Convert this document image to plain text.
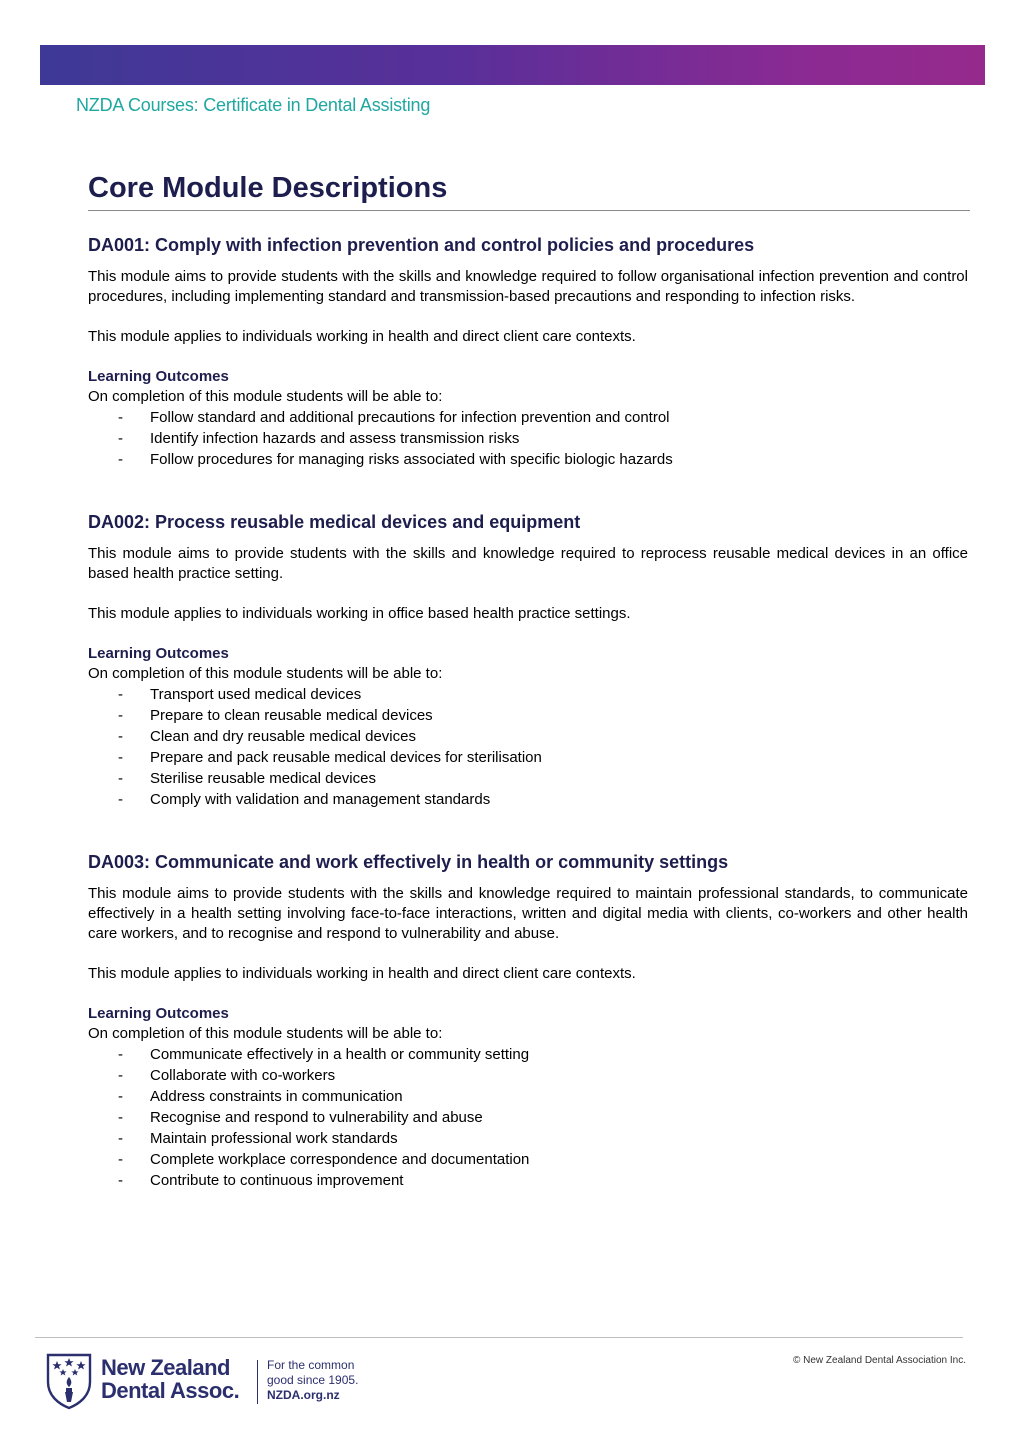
NZDA Courses: Certificate in Dental Assisting
Core Module Descriptions
DA001: Comply with infection prevention and control policies and procedures

This module aims to provide students with the skills and knowledge required to follow organisational infection prevention and control procedures, including implementing standard and transmission-based precautions and responding to infection risks.

This module applies to individuals working in health and direct client care contexts.

Learning Outcomes

On completion of this module students will be able to:

- Follow standard and additional precautions for infection prevention and control
- Identify infection hazards and assess transmission risks
- Follow procedures for managing risks associated with specific biologic hazards
DA002: Process reusable medical devices and equipment

This module aims to provide students with the skills and knowledge required to reprocess reusable medical devices in an office based health practice setting.

This module applies to individuals working in office based health practice settings.

Learning Outcomes

On completion of this module students will be able to:

- Transport used medical devices
- Prepare to clean reusable medical devices
- Clean and dry reusable medical devices
- Prepare and pack reusable medical devices for sterilisation
- Sterilise reusable medical devices
- Comply with validation and management standards
DA003: Communicate and work effectively in health or community settings

This module aims to provide students with the skills and knowledge required to maintain professional standards, to communicate effectively in a health setting involving face-to-face interactions, written and digital media with clients, co-workers and other health care workers, and to recognise and respond to vulnerability and abuse.

This module applies to individuals working in health and direct client care contexts.

Learning Outcomes

On completion of this module students will be able to:

- Communicate effectively in a health or community setting
- Collaborate with co-workers
- Address constraints in communication
- Recognise and respond to vulnerability and abuse
- Maintain professional work standards
- Complete workplace correspondence and documentation
- Contribute to continuous improvement
New Zealand
Dental Assoc.
For the common
good since 1905.
NZDA.org.nz
© New Zealand Dental Association Inc.
